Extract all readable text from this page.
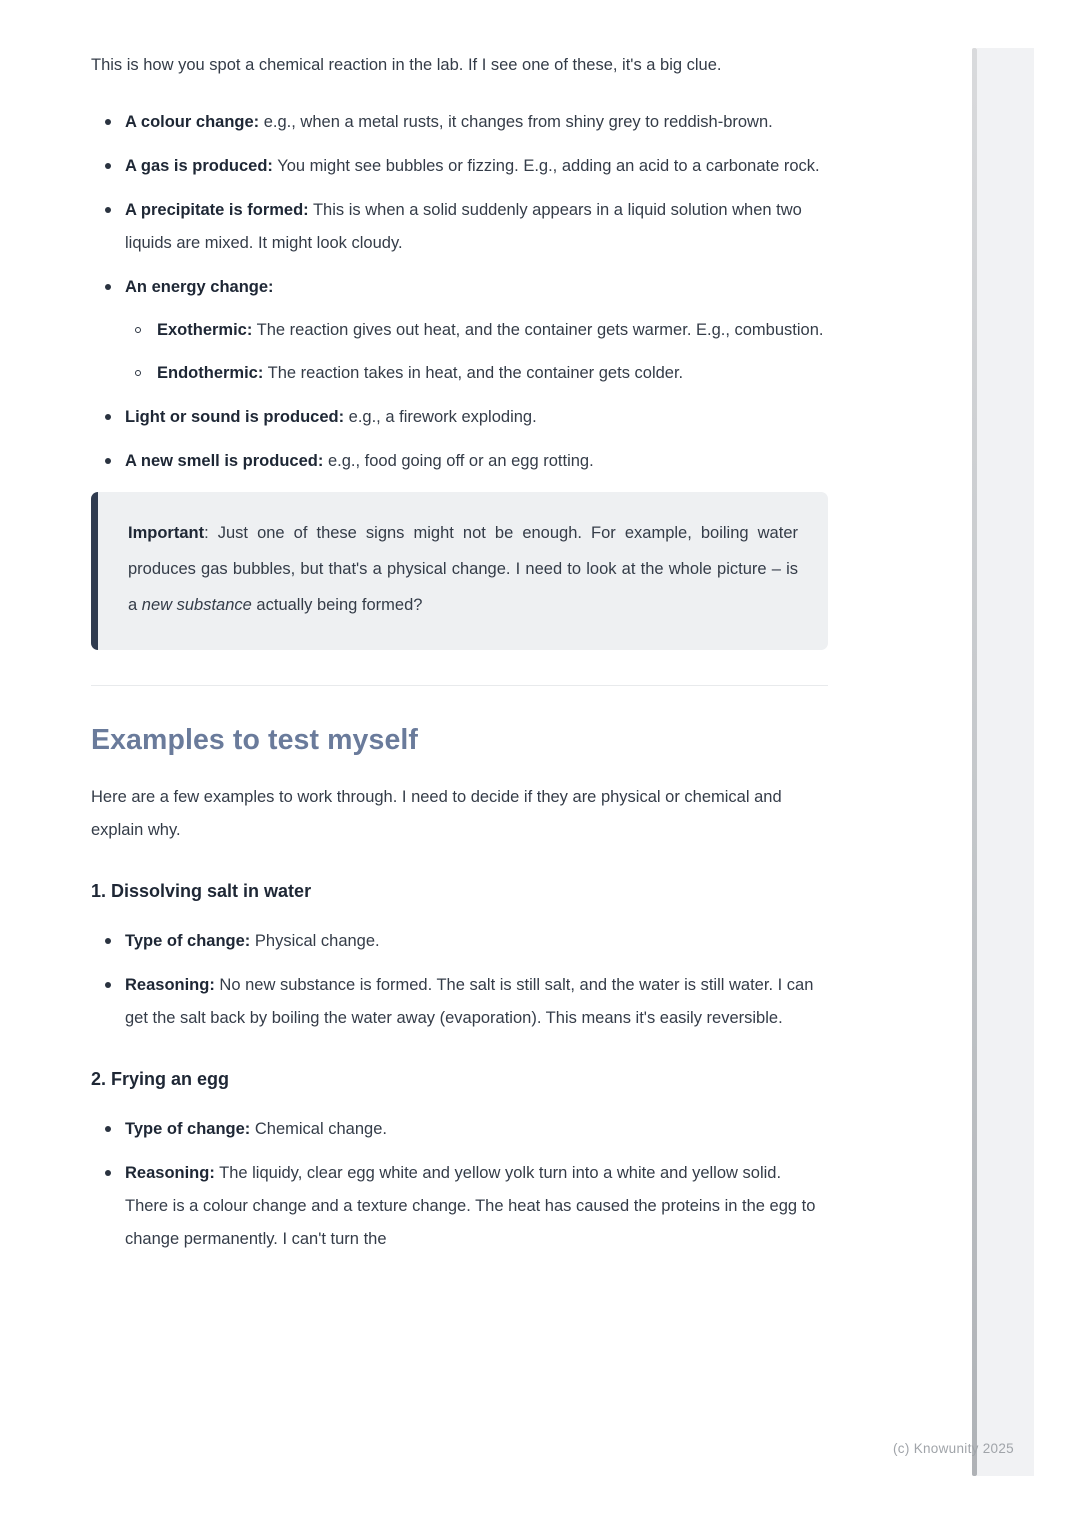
(c) Knowunity 2025

This is how you spot a chemical reaction in the lab. If I see one of these, it's a big clue.

A colour change: e.g., when a metal rusts, it changes from shiny grey to reddish-brown.
A gas is produced: You might see bubbles or fizzing. E.g., adding an acid to a carbonate rock.
A precipitate is formed: This is when a solid suddenly appears in a liquid solution when two liquids are mixed. It might look cloudy.
An energy change:
Exothermic: The reaction gives out heat, and the container gets warmer. E.g., combustion.
Endothermic: The reaction takes in heat, and the container gets colder.
Light or sound is produced: e.g., a firework exploding.
A new smell is produced: e.g., food going off or an egg rotting.

Important: Just one of these signs might not be enough. For example, boiling water produces gas bubbles, but that's a physical change. I need to look at the whole picture – is a new substance actually being formed?

Examples to test myself

Here are a few examples to work through. I need to decide if they are physical or chemical and explain why.

1. Dissolving salt in water
Type of change: Physical change.
Reasoning: No new substance is formed. The salt is still salt, and the water is still water. I can get the salt back by boiling the water away (evaporation). This means it's easily reversible.
2. Frying an egg
Type of change: Chemical change.
Reasoning: The liquidy, clear egg white and yellow yolk turn into a white and yellow solid. There is a colour change and a texture change. The heat has caused the proteins in the egg to change permanently. I can't turn the
